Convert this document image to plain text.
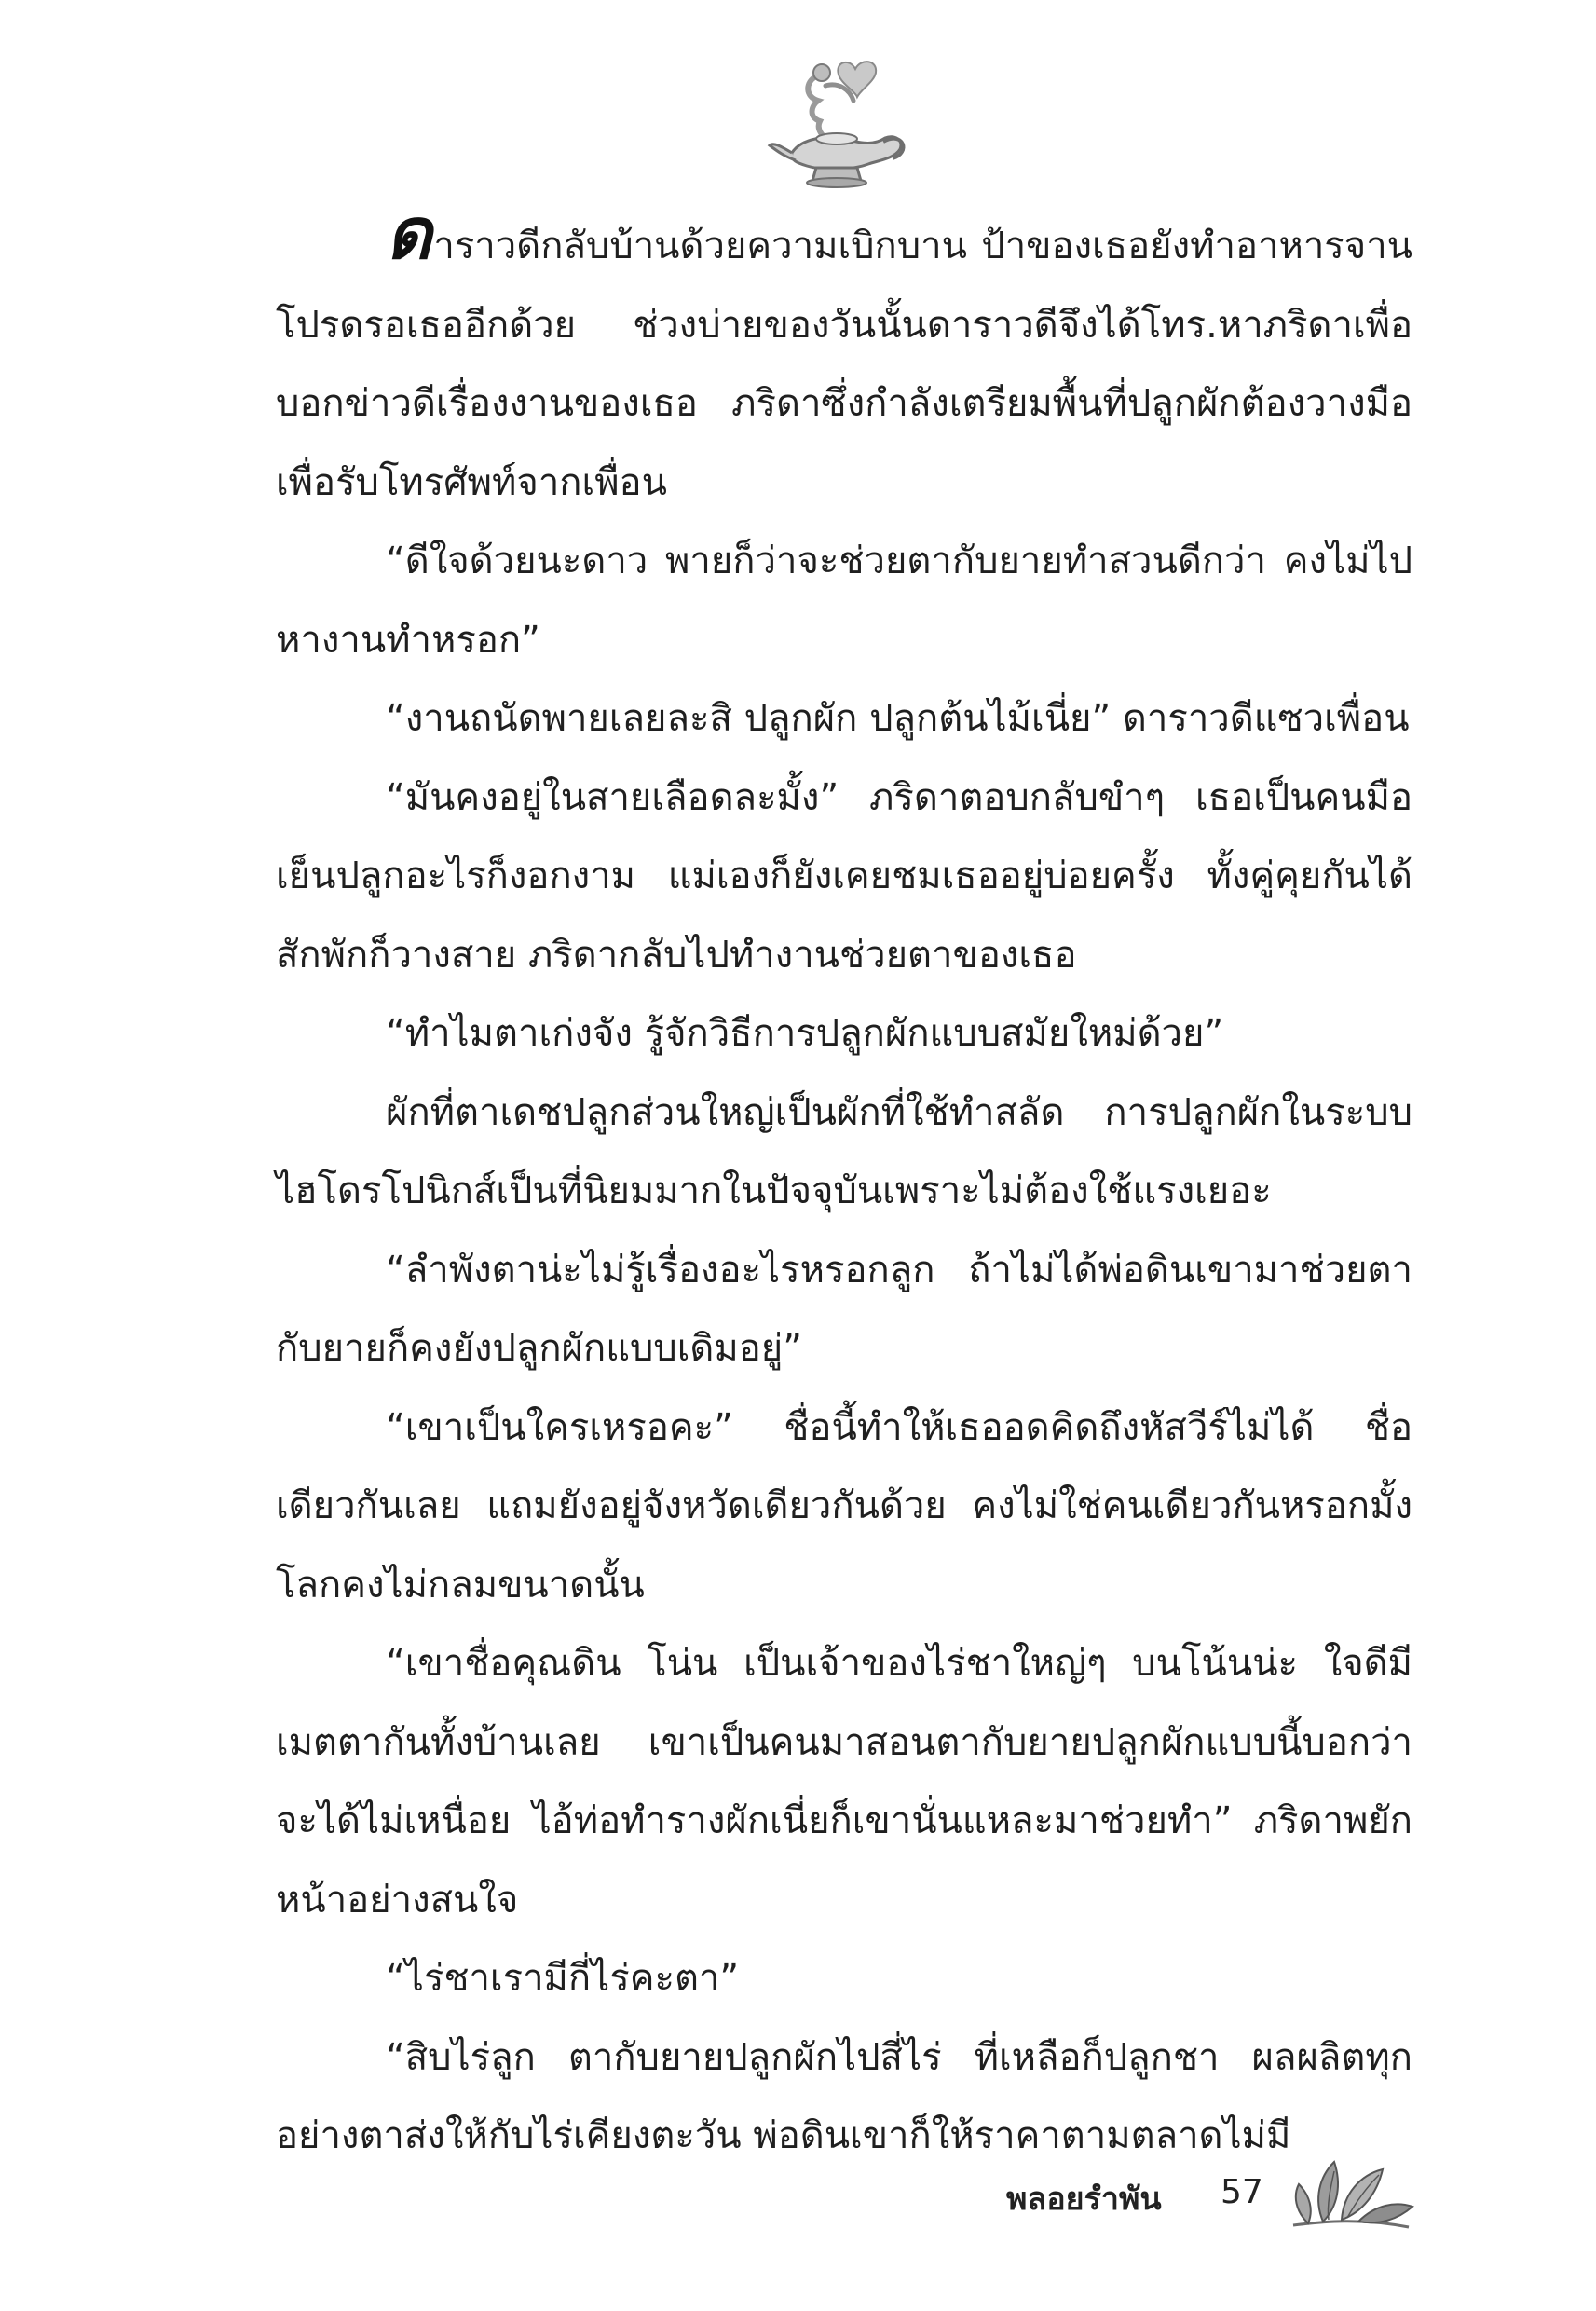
ดาราวดีกลับบ้านด้วยความเบิกบาน ป้าของเธอยังทำอาหารจานโปรดรอเธออีกด้วย ช่วงบ่ายของวันนั้นดาราวดีจึงได้โทร.หาภริดาเพื่อบอกข่าวดีเรื่องงานของเธอ ภริดาซึ่งกำลังเตรียมพื้นที่ปลูกผักต้องวางมือเพื่อรับโทรศัพท์จากเพื่อน

“ดีใจด้วยนะดาว พายก็ว่าจะช่วยตากับยายทำสวนดีกว่า คงไม่ไปหางานทำหรอก”

“งานถนัดพายเลยละสิ ปลูกผัก ปลูกต้นไม้เนี่ย” ดาราวดีแซวเพื่อน

“มันคงอยู่ในสายเลือดละมั้ง” ภริดาตอบกลับขำๆ เธอเป็นคนมือเย็นปลูกอะไรก็งอกงาม แม่เองก็ยังเคยชมเธออยู่บ่อยครั้ง ทั้งคู่คุยกันได้สักพักก็วางสาย ภริดากลับไปทำงานช่วยตาของเธอ

“ทำไมตาเก่งจัง รู้จักวิธีการปลูกผักแบบสมัยใหม่ด้วย”

ผักที่ตาเดชปลูกส่วนใหญ่เป็นผักที่ใช้ทำสลัด การปลูกผักในระบบไฮโดรโปนิกส์เป็นที่นิยมมากในปัจจุบันเพราะไม่ต้องใช้แรงเยอะ

“ลำพังตาน่ะไม่รู้เรื่องอะไรหรอกลูก ถ้าไม่ได้พ่อดินเขามาช่วยตากับยายก็คงยังปลูกผักแบบเดิมอยู่”

“เขาเป็นใครเหรอคะ” ชื่อนี้ทำให้เธออดคิดถึงหัสวีร์ไม่ได้ ชื่อเดียวกันเลย แถมยังอยู่จังหวัดเดียวกันด้วย คงไม่ใช่คนเดียวกันหรอกมั้ง โลกคงไม่กลมขนาดนั้น

“เขาชื่อคุณดิน โน่น เป็นเจ้าของไร่ชาใหญ่ๆ บนโน้นน่ะ ใจดีมีเมตตากันทั้งบ้านเลย เขาเป็นคนมาสอนตากับยายปลูกผักแบบนี้บอกว่าจะได้ไม่เหนื่อย ไอ้ท่อทำรางผักเนี่ยก็เขานั่นแหละมาช่วยทำ” ภริดาพยักหน้าอย่างสนใจ

“ไร่ชาเรามีกี่ไร่คะตา”

“สิบไร่ลูก ตากับยายปลูกผักไปสี่ไร่ ที่เหลือก็ปลูกชา ผลผลิตทุกอย่างตาส่งให้กับไร่เคียงตะวัน พ่อดินเขาก็ให้ราคาตามตลาดไม่มี

พลอยรำพัน 57
